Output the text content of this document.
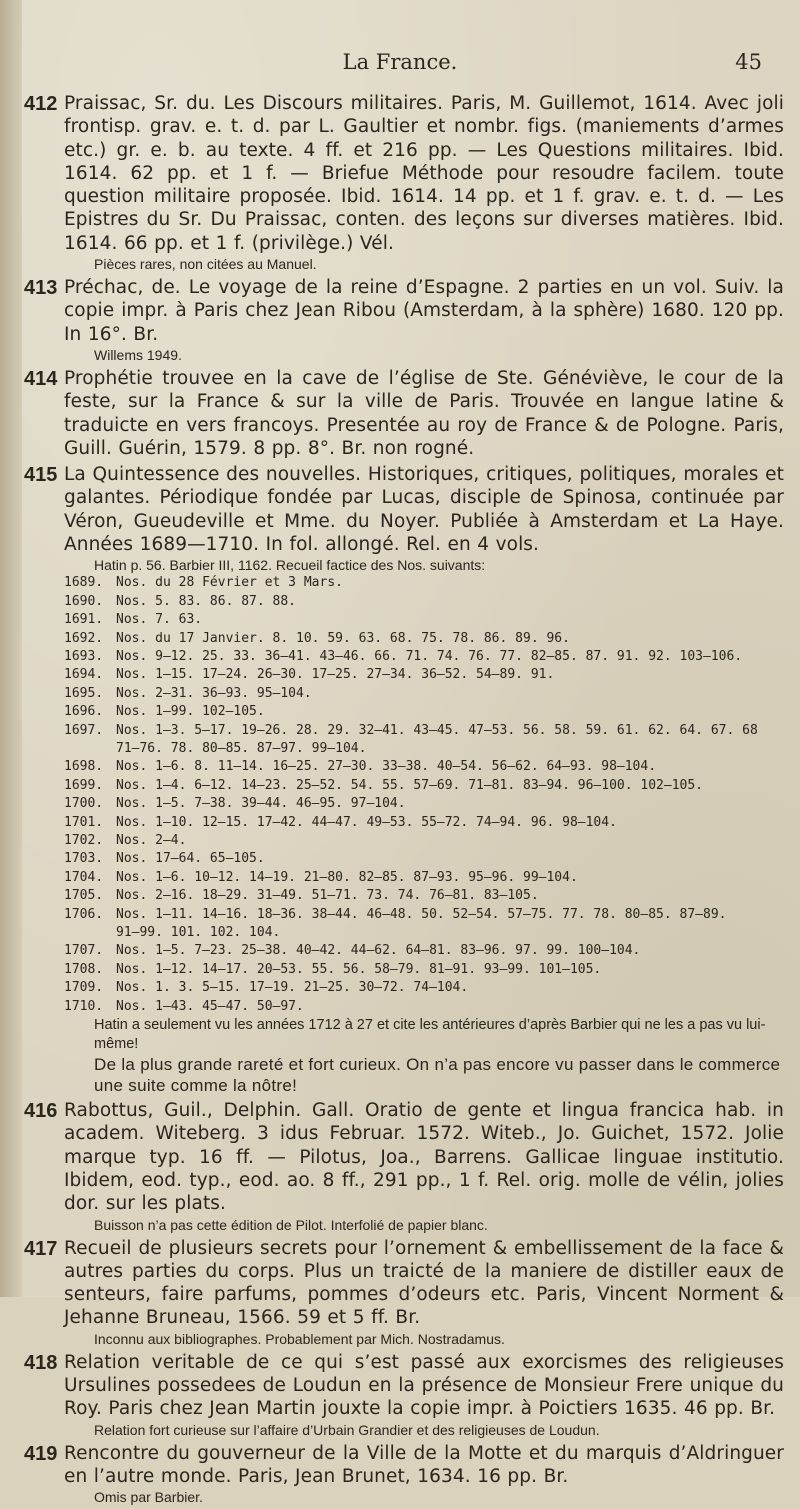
La France.	45
412 Praissac, Sr. du. Les Discours militaires. Paris, M. Guillemot, 1614. Avec joli frontisp. grav. e. t. d. par L. Gaultier et nombr. figs. (maniements d’armes etc.) gr. e. b. au texte. 4 ff. et 216 pp. — Les Questions militaires. Ibid. 1614. 62 pp. et 1 f. — Briefue Méthode pour resoudre facilem. toute question militaire proposée. Ibid. 1614. 14 pp. et 1 f. grav. e. t. d. — Les Epistres du Sr. Du Praissac, conten. des leçons sur diverses matières. Ibid. 1614. 66 pp. et 1 f. (privilège.) Vél.
Pièces rares, non citées au Manuel.
413 Préchac, de. Le voyage de la reine d’Espagne. 2 parties en un vol. Suiv. la copie impr. à Paris chez Jean Ribou (Amsterdam, à la sphère) 1680. 120 pp. In 16°. Br.
Willems 1949.
414 Prophétie trouvee en la cave de l’église de Ste. Généviève, le cour de la feste, sur la France & sur la ville de Paris. Trouvée en langue latine & traduicte en vers francoys. Presentée au roy de France & de Pologne. Paris, Guill. Guérin, 1579. 8 pp. 8°. Br. non rogné.
415 La Quintessence des nouvelles. Historiques, critiques, politiques, morales et galantes. Périodique fondée par Lucas, disciple de Spinosa, continuée par Véron, Gueudeville et Mme. du Noyer. Publiée à Amsterdam et La Haye. Années 1689—1710. In fol. allongé. Rel. en 4 vols.
Hatin p. 56. Barbier III, 1162. Recueil factice des Nos. suivants:
1689. Nos. du 28 Février et 3 Mars.
1690. Nos. 5. 83. 86. 87. 88.
1691. Nos. 7. 63.
1692. Nos. du 17 Janvier. 8. 10. 59. 63. 68. 75. 78. 86. 89. 96.
1693. Nos. 9—12. 25. 33. 36—41. 43—46. 66. 71. 74. 76. 77. 82—85. 87. 91. 92. 103—106.
1694. Nos. 1—15. 17—24. 26—30. 17—25. 27—34. 36—52. 54—89. 91.
1695. Nos. 2—31. 36—93. 95—104.
1696. Nos. 1—99. 102—105.
1697. Nos. 1—3. 5—17. 19—26. 28. 29. 32—41. 43—45. 47—53. 56. 58. 59. 61. 62. 64. 67. 68
71—76. 78. 80—85. 87—97. 99—104.
1698. Nos. 1—6. 8. 11—14. 16—25. 27—30. 33—38. 40—54. 56—62. 64—93. 98—104.
1699. Nos. 1—4. 6—12. 14—23. 25—52. 54. 55. 57—69. 71—81. 83—94. 96—100. 102—105.
1700. Nos. 1—5. 7—38. 39—44. 46—95. 97—104.
1701. Nos. 1—10. 12—15. 17—42. 44—47. 49—53. 55—72. 74—94. 96. 98—104.
1702. Nos. 2—4.
1703. Nos. 17—64. 65—105.
1704. Nos. 1—6. 10—12. 14—19. 21—80. 82—85. 87—93. 95—96. 99—104.
1705. Nos. 2—16. 18—29. 31—49. 51—71. 73. 74. 76—81. 83—105.
1706. Nos. 1—11. 14—16. 18—36. 38—44. 46—48. 50. 52—54. 57—75. 77. 78. 80—85. 87—89.
91—99. 101. 102. 104.
1707. Nos. 1—5. 7—23. 25—38. 40—42. 44—62. 64—81. 83—96. 97. 99. 100—104.
1708. Nos. 1—12. 14—17. 20—53. 55. 56. 58—79. 81—91. 93—99. 101—105.
1709. Nos. 1. 3. 5—15. 17—19. 21—25. 30—72. 74—104.
1710. Nos. 1—43. 45—47. 50—97.
Hatin a seulement vu les années 1712 à 27 et cite les antérieures d’après Barbier qui ne les a pas vu lui-même!
De la plus grande rareté et fort curieux. On n’a pas encore vu passer dans le commerce une suite comme la nôtre!
416 Rabottus, Guil., Delphin. Gall. Oratio de gente et lingua francica hab. in academ. Witeberg. 3 idus Februar. 1572. Witeb., Jo. Guichet, 1572. Jolie marque typ. 16 ff. — Pilotus, Joa., Barrens. Gallicae linguae institutio. Ibidem, eod. typ., eod. ao. 8 ff., 291 pp., 1 f. Rel. orig. molle de vélin, jolies dor. sur les plats.
Buisson n’a pas cette édition de Pilot. Interfolié de papier blanc.
417 Recueil de plusieurs secrets pour l’ornement & embellissement de la face & autres parties du corps. Plus un traicté de la maniere de distiller eaux de senteurs, faire parfums, pommes d’odeurs etc. Paris, Vincent Norment & Jehanne Bruneau, 1566. 59 et 5 ff. Br.
Inconnu aux bibliographes. Probablement par Mich. Nostradamus.
418 Relation veritable de ce qui s’est passé aux exorcismes des religieuses Ursulines possedees de Loudun en la présence de Monsieur Frere unique du Roy. Paris chez Jean Martin jouxte la copie impr. à Poictiers 1635. 46 pp. Br.
Relation fort curieuse sur l’affaire d’Urbain Grandier et des religieuses de Loudun.
419 Rencontre du gouverneur de la Ville de la Motte et du marquis d’Aldringuer en l’autre monde. Paris, Jean Brunet, 1634. 16 pp. Br.
Omis par Barbier.
